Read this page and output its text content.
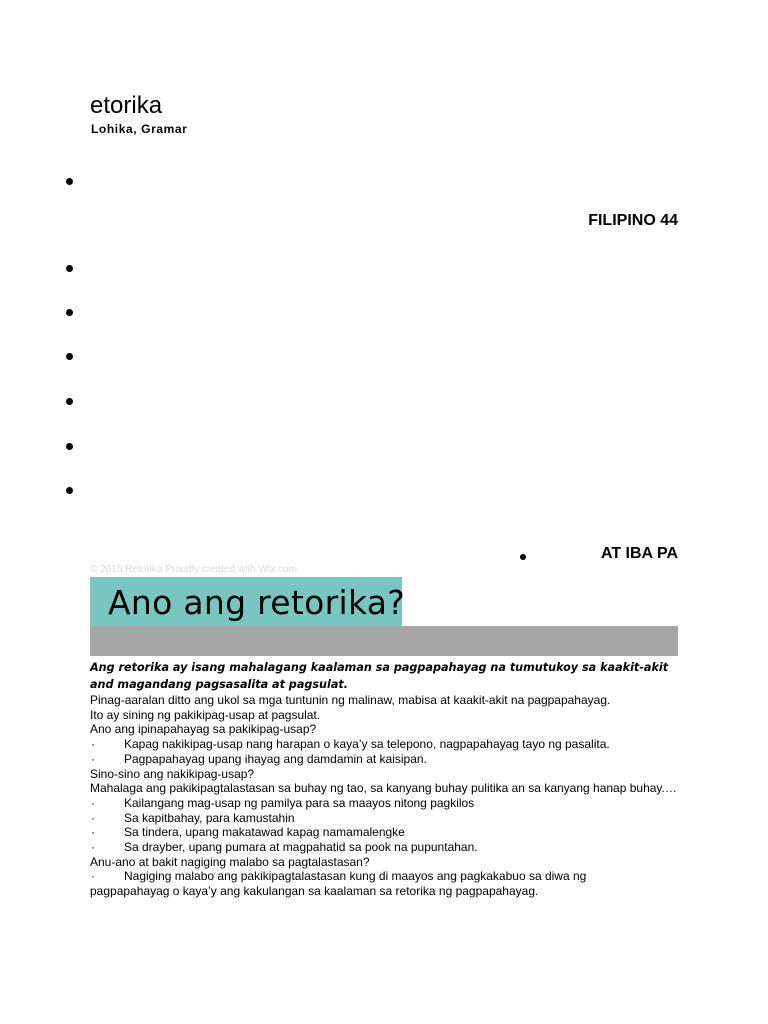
etorika
Lohika, Gramar
FILIPINO 44
AT IBA PA
© 2015 Retorika Proudly created with Wix.com
Ano ang retorika?

Ang retorika ay isang mahalagang kaalaman sa pagpapahayag na tumutukoy sa kaakit-akit and magandang pagsasalita at pagsulat.

Pinag-aaralan ditto ang ukol sa mga tuntunin ng malinaw, mabisa at kaakit-akit na pagpapahayag.

Ito ay sining ng pakikipag-usap at pagsulat.

Ano ang ipinapahayag sa pakikipag-usap?

·	Kapag nakikipag-usap nang harapan o kaya’y sa telepono, nagpapahayag tayo ng pasalita.

·	Pagpapahayag upang ihayag ang damdamin at kaisipan.

Sino-sino ang nakikipag-usap?

Mahalaga ang pakikipagtalastasan sa buhay ng tao, sa kanyang buhay pulitika an sa kanyang hanap buhay.…

·	Kailangang mag-usap ng pamilya para sa maayos nitong pagkilos

·	Sa kapitbahay, para kamustahin

·	Sa tindera, upang makatawad kapag namamalengke

·	Sa drayber, upang pumara at magpahatid sa pook na pupuntahan.

Anu-ano at bakit nagiging malabo sa pagtalastasan?

·	Nagiging malabo ang pakikipagtalastasan kung di maayos ang pagkakabuo sa diwa ng

pagpapahayag o kaya’y ang kakulangan sa kaalaman sa retorika ng pagpapahayag.
